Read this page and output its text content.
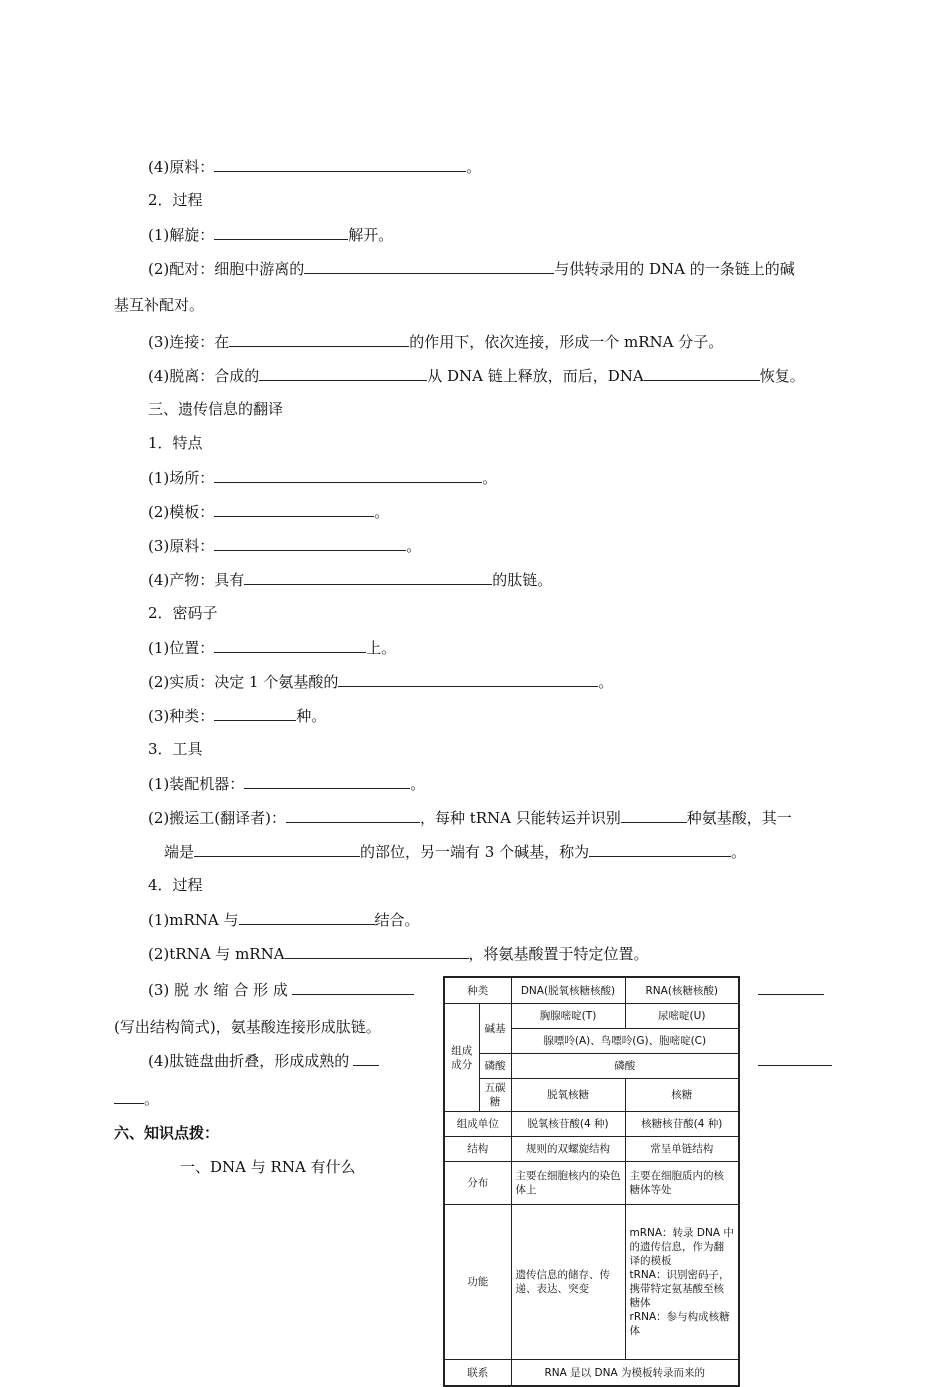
(4)原料：	。
2．过程
(1)解旋：	解开。
(2)配对：细胞中游离的	与供转录用的 DNA 的一条链上的碱
基互补配对。
(3)连接：在	的作用下，依次连接，形成一个 mRNA 分子。
(4)脱离：合成的	从 DNA 链上释放，而后，DNA	恢复。
三、遗传信息的翻译
1．特点
(1)场所：	。
(2)模板：	。
(3)原料：	。
(4)产物：具有	的肽链。
2．密码子
(1)位置：	上。
(2)实质：决定 1 个氨基酸的	。
(3)种类：	种。
3．工具
(1)装配机器：	。
(2)搬运工(翻译者)：	，每种 tRNA 只能转运并识别	种氨基酸，其一
端是	的部位，另一端有 3 个碱基，称为	。
4．过程
(1)mRNA 与	结合。
(2)tRNA 与 mRNA	，将氨基酸置于特定位置。
(3) 脱 水 缩 合 形 成
(写出结构简式)，氨基酸连接形成肽链。
(4)肽链盘曲折叠，形成成熟的
。
六、知识点拨：
一、DNA 与 RNA 有什么
种类		DNA(脱氧核糖核酸)	RNA(核糖核酸)
组成成分	碱基	胸腺嘧啶(T)	尿嘧啶(U)
		腺嘌呤(A)、鸟嘌呤(G)、胞嘧啶(C)	
	磷酸	磷酸	
	五碳糖	脱氧核糖	核糖
组成单位		脱氧核苷酸(4 种)	核糖核苷酸(4 种)
结构		规则的双螺旋结构	常呈单链结构
分布		主要在细胞核内的染色体上	主要在细胞质内的核糖体等处
功能		遗传信息的储存、传递、表达、突变	mRNA：转录 DNA 中的遗传信息，作为翻译的模板
tRNA：识别密码子，携带特定氨基酸至核糖体
rRNA：参与构成核糖体

联系		RNA 是以 DNA 为模板转录而来的	
